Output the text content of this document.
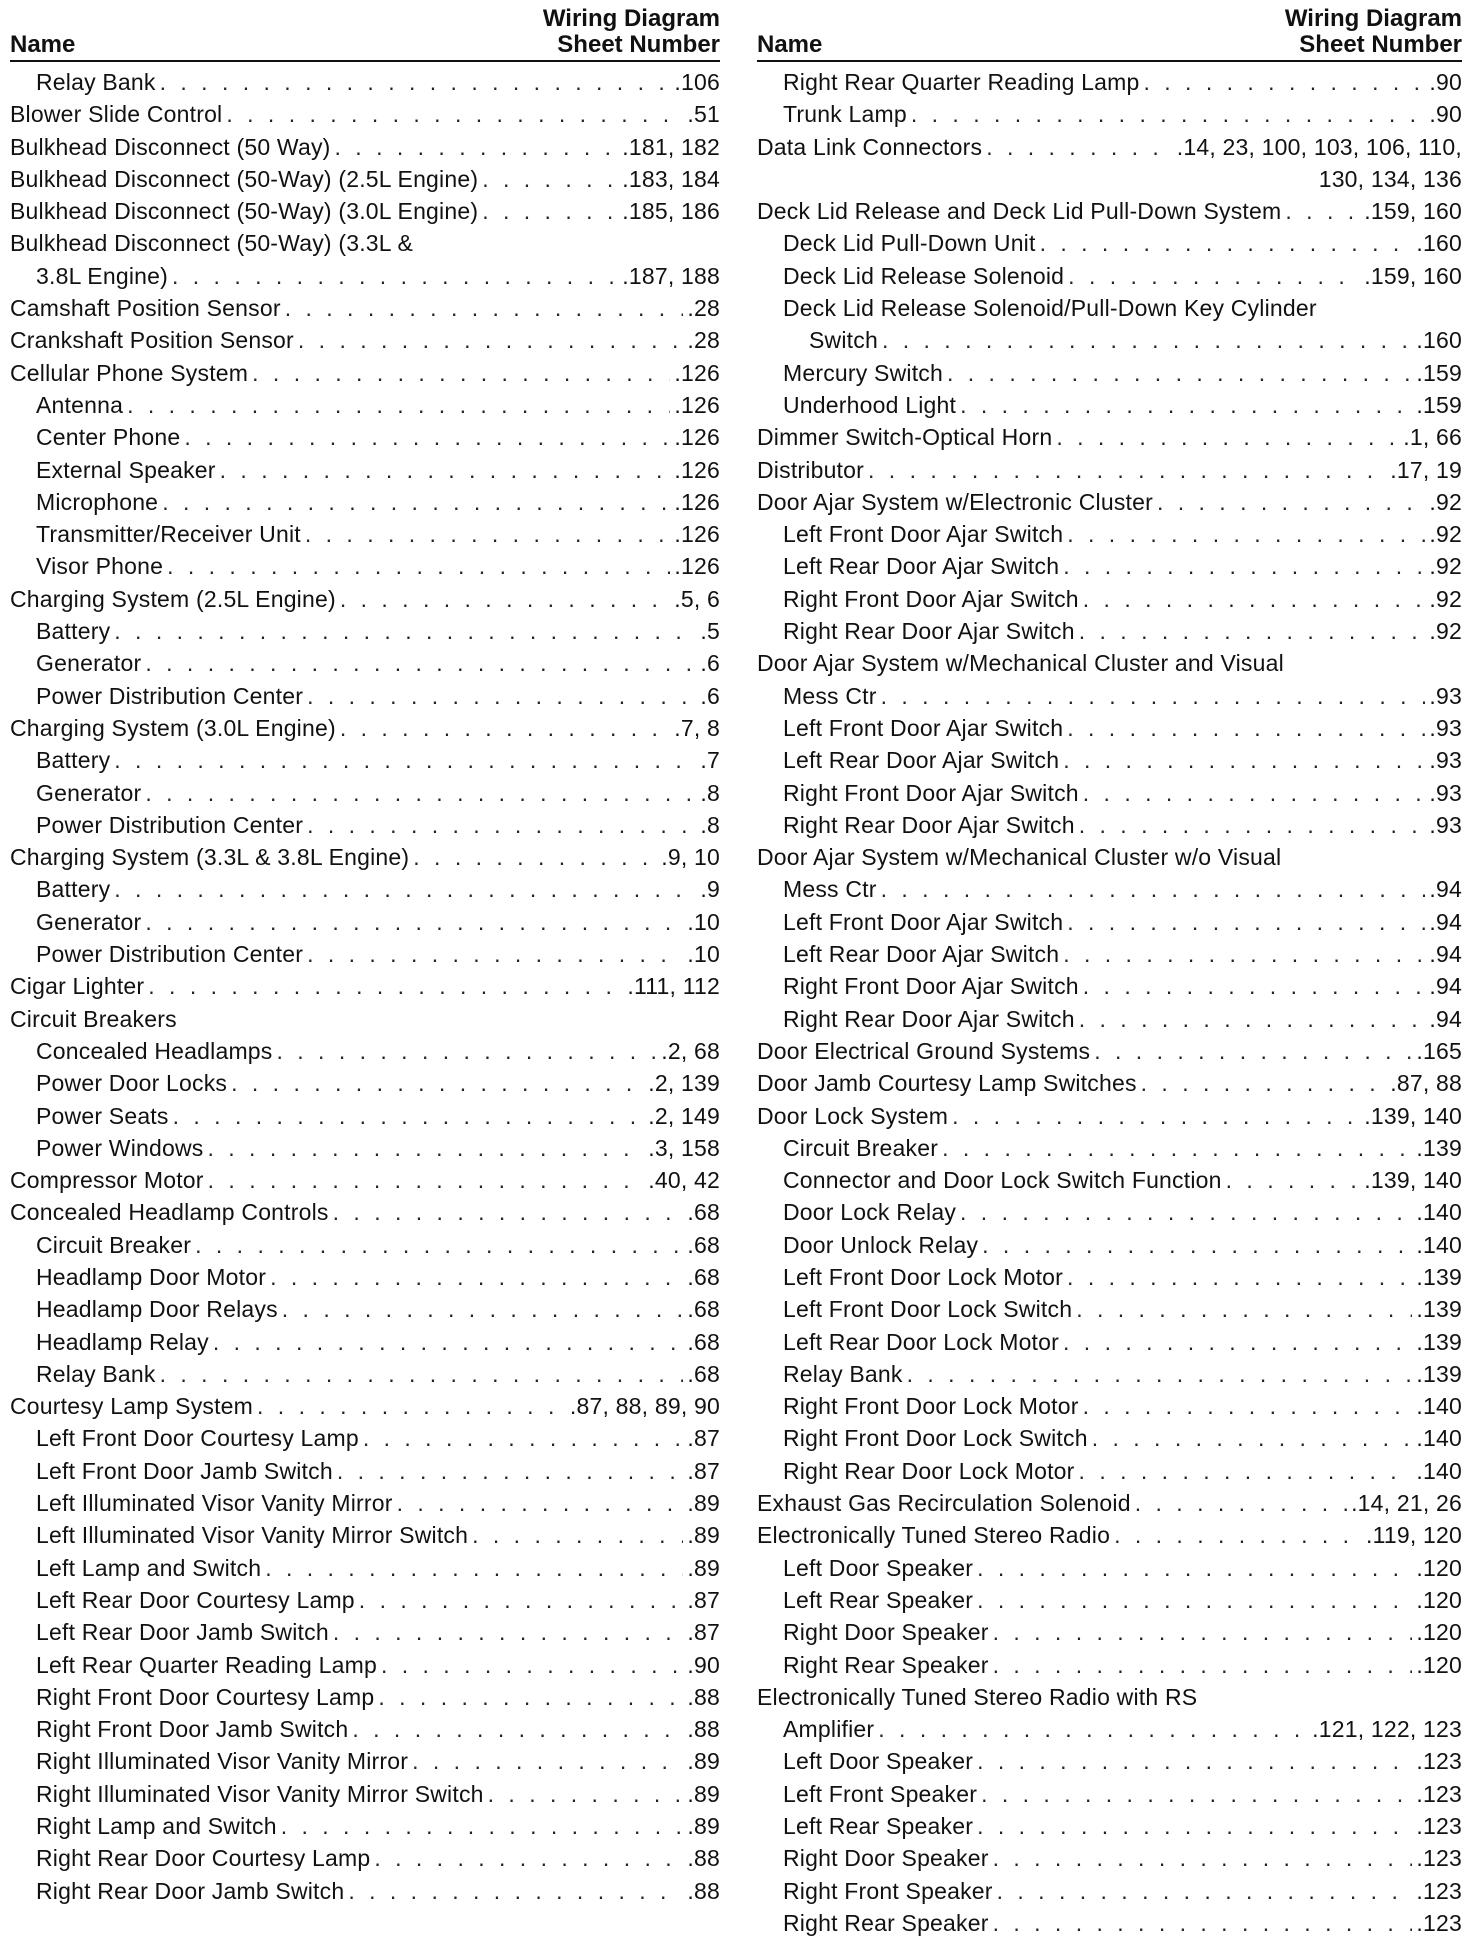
Name
Wiring Diagram
Sheet Number
Relay Bank . . .	.106
Blower Slide Control . . .	.51
Bulkhead Disconnect (50 Way) . . .	.181, 182
Bulkhead Disconnect (50-Way) (2.5L Engine) . . .	.183, 184
Bulkhead Disconnect (50-Way) (3.0L Engine) . . .	.185, 186
Bulkhead Disconnect (50-Way) (3.3L &
3.8L Engine) . . .	.187, 188
Camshaft Position Sensor . . .	.28
Crankshaft Position Sensor . . .	.28
Cellular Phone System . . .	.126
Antenna . . .	.126
Center Phone . . .	.126
External Speaker . . .	.126
Microphone . . .	.126
Transmitter/Receiver Unit . . .	.126
Visor Phone . . .	.126
Charging System (2.5L Engine) . . .	.5, 6
Battery . . .	.5
Generator . . .	.6
Power Distribution Center . . .	.6
Charging System (3.0L Engine) . . .	.7, 8
Battery . . .	.7
Generator . . .	.8
Power Distribution Center . . .	.8
Charging System (3.3L & 3.8L Engine) . . .	.9, 10
Battery . . .	.9
Generator . . .	.10
Power Distribution Center . . .	.10
Cigar Lighter . . .	.111, 112
Circuit Breakers
Concealed Headlamps . . .	.2, 68
Power Door Locks . . .	.2, 139
Power Seats . . .	.2, 149
Power Windows . . .	.3, 158
Compressor Motor . . .	.40, 42
Concealed Headlamp Controls . . .	.68
Circuit Breaker . . .	.68
Headlamp Door Motor . . .	.68
Headlamp Door Relays . . .	.68
Headlamp Relay . . .	.68
Relay Bank . . .	.68
Courtesy Lamp System . . .	.87, 88, 89, 90
Left Front Door Courtesy Lamp . . .	.87
Left Front Door Jamb Switch . . .	.87
Left Illuminated Visor Vanity Mirror . . .	.89
Left Illuminated Visor Vanity Mirror Switch . . .	.89
Left Lamp and Switch . . .	.89
Left Rear Door Courtesy Lamp . . .	.87
Left Rear Door Jamb Switch . . .	.87
Left Rear Quarter Reading Lamp . . .	.90
Right Front Door Courtesy Lamp . . .	.88
Right Front Door Jamb Switch . . .	.88
Right Illuminated Visor Vanity Mirror . . .	.89
Right Illuminated Visor Vanity Mirror Switch . . .	.89
Right Lamp and Switch . . .	.89
Right Rear Door Courtesy Lamp . . .	.88
Right Rear Door Jamb Switch . . .	.88
Name
Wiring Diagram
Sheet Number
Right Rear Quarter Reading Lamp . . .	.90
Trunk Lamp . . .	.90
Data Link Connectors . . .	.14, 23, 100, 103, 106, 110,
130, 134, 136
Deck Lid Release and Deck Lid Pull-Down System . . .	.159, 160
Deck Lid Pull-Down Unit . . .	.160
Deck Lid Release Solenoid . . .	.159, 160
Deck Lid Release Solenoid/Pull-Down Key Cylinder
Switch . . .	.160
Mercury Switch . . .	.159
Underhood Light . . .	.159
Dimmer Switch-Optical Horn . . .	.1, 66
Distributor . . .	.17, 19
Door Ajar System w/Electronic Cluster . . .	.92
Left Front Door Ajar Switch . . .	.92
Left Rear Door Ajar Switch . . .	.92
Right Front Door Ajar Switch . . .	.92
Right Rear Door Ajar Switch . . .	.92
Door Ajar System w/Mechanical Cluster and Visual
Mess Ctr . . .	.93
Left Front Door Ajar Switch . . .	.93
Left Rear Door Ajar Switch . . .	.93
Right Front Door Ajar Switch . . .	.93
Right Rear Door Ajar Switch . . .	.93
Door Ajar System w/Mechanical Cluster w/o Visual
Mess Ctr . . .	.94
Left Front Door Ajar Switch . . .	.94
Left Rear Door Ajar Switch . . .	.94
Right Front Door Ajar Switch . . .	.94
Right Rear Door Ajar Switch . . .	.94
Door Electrical Ground Systems . . .	.165
Door Jamb Courtesy Lamp Switches . . .	.87, 88
Door Lock System . . .	.139, 140
Circuit Breaker . . .	.139
Connector and Door Lock Switch Function . . .	.139, 140
Door Lock Relay . . .	.140
Door Unlock Relay . . .	.140
Left Front Door Lock Motor . . .	.139
Left Front Door Lock Switch . . .	.139
Left Rear Door Lock Motor . . .	.139
Relay Bank . . .	.139
Right Front Door Lock Motor . . .	.140
Right Front Door Lock Switch . . .	.140
Right Rear Door Lock Motor . . .	.140
Exhaust Gas Recirculation Solenoid . . .	.14, 21, 26
Electronically Tuned Stereo Radio . . .	.119, 120
Left Door Speaker . . .	.120
Left Rear Speaker . . .	.120
Right Door Speaker . . .	.120
Right Rear Speaker . . .	.120
Electronically Tuned Stereo Radio with RS
Amplifier . . .	.121, 122, 123
Left Door Speaker . . .	.123
Left Front Speaker . . .	.123
Left Rear Speaker . . .	.123
Right Door Speaker . . .	.123
Right Front Speaker . . .	.123
Right Rear Speaker . . .	.123
